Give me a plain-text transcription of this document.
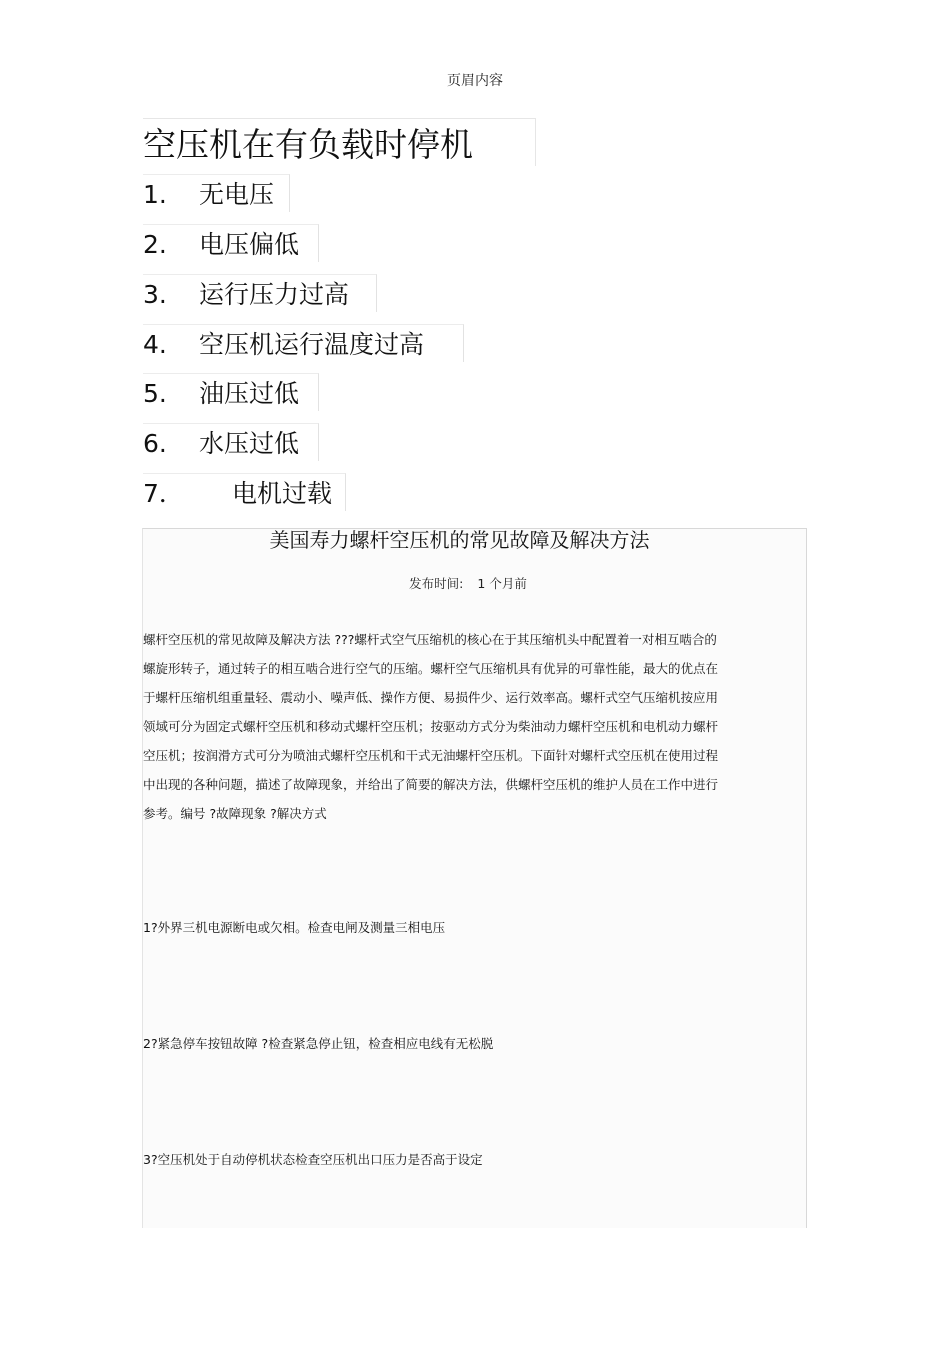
页眉内容
空压机在有负载时停机
1. 无电压
2. 电压偏低
3. 运行压力过高
4. 空压机运行温度过高
5. 油压过低
6. 水压过低
7． 电机过载
美国寿力螺杆空压机的常见故障及解决方法
发布时间: 1 个月前
螺杆空压机的常见故障及解决方法 ???螺杆式空气压缩机的核心在于其压缩机头中配置着一对相互啮合的
螺旋形转子，通过转子的相互啮合进行空气的压缩。螺杆空气压缩机具有优异的可靠性能，最大的优点在
于螺杆压缩机组重量轻、震动小、噪声低、操作方便、易损件少、运行效率高。螺杆式空气压缩机按应用
领域可分为固定式螺杆空压机和移动式螺杆空压机；按驱动方式分为柴油动力螺杆空压机和电机动力螺杆
空压机；按润滑方式可分为喷油式螺杆空压机和干式无油螺杆空压机。下面针对螺杆式空压机在使用过程
中出现的各种问题，描述了故障现象，并给出了简要的解决方法，供螺杆空压机的维护人员在工作中进行
参考。编号 ?故障现象 ?解决方式
1?外界三机电源断电或欠相。检查电闸及测量三相电压
2?紧急停车按钮故障 ?检查紧急停止钮，检查相应电线有无松脱
3?空压机处于自动停机状态检查空压机出口压力是否高于设定
